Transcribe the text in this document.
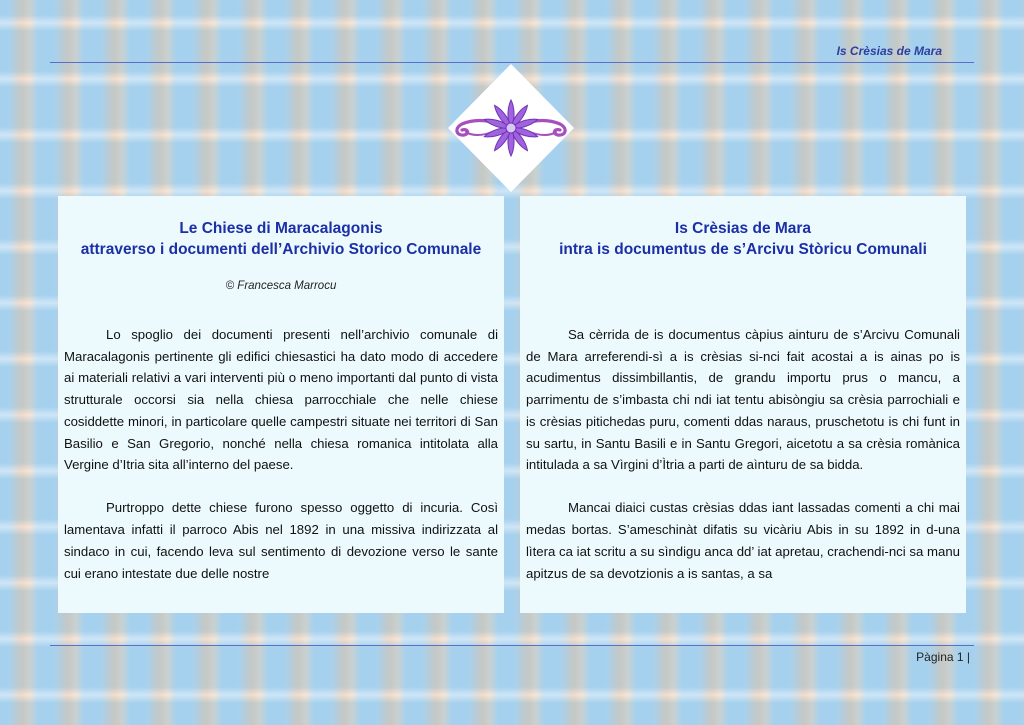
Is Crèsias de Mara
Le Chiese di Maracalagonis
attraverso i documenti dell’Archivio Storico Comunale
© Francesca Marrocu

Lo spoglio dei documenti presenti nell’archivio comunale di Maracalagonis pertinente gli edifici chiesastici ha dato modo di accedere ai materiali relativi a vari interventi più o meno importanti dal punto di vista strutturale occorsi sia nella chiesa parrocchiale che nelle chiese cosiddette minori, in particolare quelle campestri situate nei territori di San Basilio e San Gregorio, nonché nella chiesa romanica intitolata alla Vergine d’Itria sita all’interno del paese.

Purtroppo dette chiese furono spesso oggetto di incuria. Così lamentava infatti il parroco Abis nel 1892 in una missiva indirizzata al sindaco in cui, facendo leva sul sentimento di devozione verso le sante cui erano intestate due delle nostre

Is Crèsias de Mara
intra is documentus de s’Arcivu Stòricu Comunali

Sa cèrrida de is documentus càpius ainturu de s’Arcivu Comunali de Mara arreferendi-sì a is crèsias si-nci fait acostai a is ainas po is acudimentus dissimbillantis, de grandu importu prus o mancu, a parrimentu de s’imbasta chi ndi iat tentu abisòngiu sa crèsia parrochiali e is crèsias pitichedas puru, comenti ddas naraus, pruschetotu is chi funt in su sartu, in Santu Basili e in Santu Gregori, aicetotu a sa crèsia romànica intitulada a sa Vìrgini d’Ìtria a parti de aìnturu de sa bidda.

Mancai diaici custas crèsias ddas iant lassadas comenti a chi mai medas bortas. S’ameschinàt difatis su vicàriu Abis in su 1892 in d-una lìtera ca iat scritu a su sìndigu anca dd’ iat apretau, crachendi-nci sa manu apitzus de sa devotzionis a is santas, a sa

Pàgina 1 |
